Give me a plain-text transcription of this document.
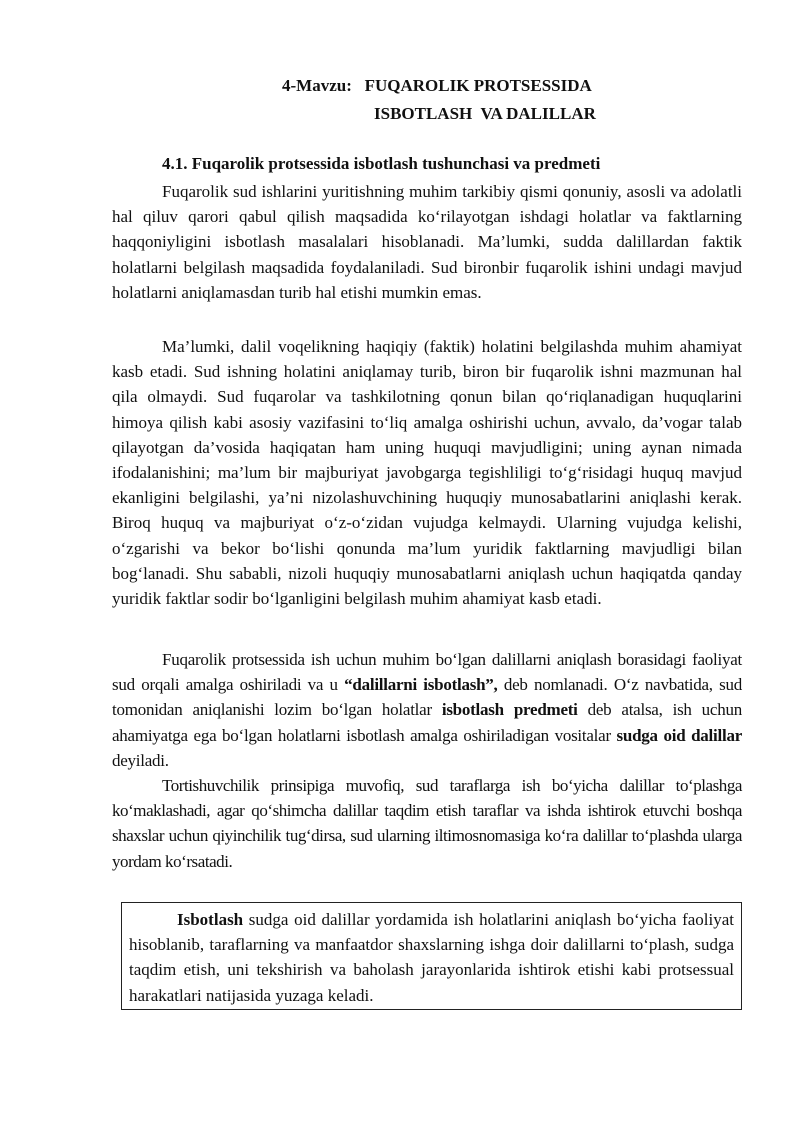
4-Mavzu:   FUQAROLIK PROTSESSIDA
ISBOTLASH  VA DALILLAR
4.1. Fuqarolik protsessida isbotlash tushunchasi va predmeti

Fuqarolik sud ishlarini yuritishning muhim tarkibiy qismi qonuniy, asosli va adolatli hal qiluv qarori qabul qilish maqsadida koʻrilayotgan ishdagi holatlar va faktlarning haqqoniyligini isbotlash masalalari hisoblanadi. Ma’lumki, sudda dalillardan faktik holatlarni belgilash maqsadida foydalaniladi. Sud bironbir fuqarolik ishini undagi mavjud holatlarni aniqlamasdan turib hal etishi mumkin emas.

Ma’lumki, dalil voqelikning haqiqiy (faktik) holatini belgilashda muhim ahamiyat kasb etadi. Sud ishning holatini aniqlamay turib, biron bir fuqarolik ishni mazmunan hal qila olmaydi. Sud fuqarolar va tashkilotning qonun bilan qoʻriqlanadigan huquqlarini himoya qilish kabi asosiy vazifasini toʻliq amalga oshirishi uchun, avvalo, da’vogar talab qilayotgan da’vosida haqiqatan ham uning huquqi mavjudligini; uning aynan nimada ifodalanishini; ma’lum bir majburiyat javobgarga tegishliligi toʻgʻrisidagi huquq mavjud ekanligini belgilashi, ya’ni nizolashuvchining huquqiy munosabatlarini aniqlashi kerak. Biroq huquq va majburiyat oʻz-oʻzidan vujudga kelmaydi. Ularning vujudga kelishi, oʻzgarishi va bekor boʻlishi qonunda ma’lum yuridik faktlarning mavjudligi bilan bogʻlanadi. Shu sababli, nizoli huquqiy munosabatlarni aniqlash uchun haqiqatda qanday yuridik faktlar sodir boʻlganligini belgilash muhim ahamiyat kasb etadi.

Fuqarolik protsessida ish uchun muhim boʻlgan dalillarni aniqlash borasidagi faoliyat sud orqali amalga oshiriladi va u “dalillarni isbotlash”, deb nomlanadi. Oʻz navbatida, sud tomonidan aniqlanishi lozim boʻlgan holatlar isbotlash predmeti deb atalsa, ish uchun ahamiyatga ega boʻlgan holatlarni isbotlash amalga oshiriladigan vositalar sudga oid dalillar deyiladi.

Tortishuvchilik prinsipiga muvofiq, sud taraflarga ish boʻyicha dalillar toʻplashga koʻmaklashadi, agar qoʻshimcha dalillar taqdim etish taraflar va ishda ishtirok etuvchi boshqa shaxslar uchun qiyinchilik tugʻdirsa, sud ularning iltimosnomasiga koʻra dalillar toʻplashda ularga yordam koʻrsatadi.

Isbotlash sudga oid dalillar yordamida ish holatlarini aniqlash boʻyicha faoliyat hisoblanib, taraflarning va manfaatdor shaxslarning ishga doir dalillarni toʻplash, sudga taqdim etish, uni tekshirish va baholash jarayonlarida ishtirok etishi kabi protsessual harakatlari natijasida yuzaga keladi.
